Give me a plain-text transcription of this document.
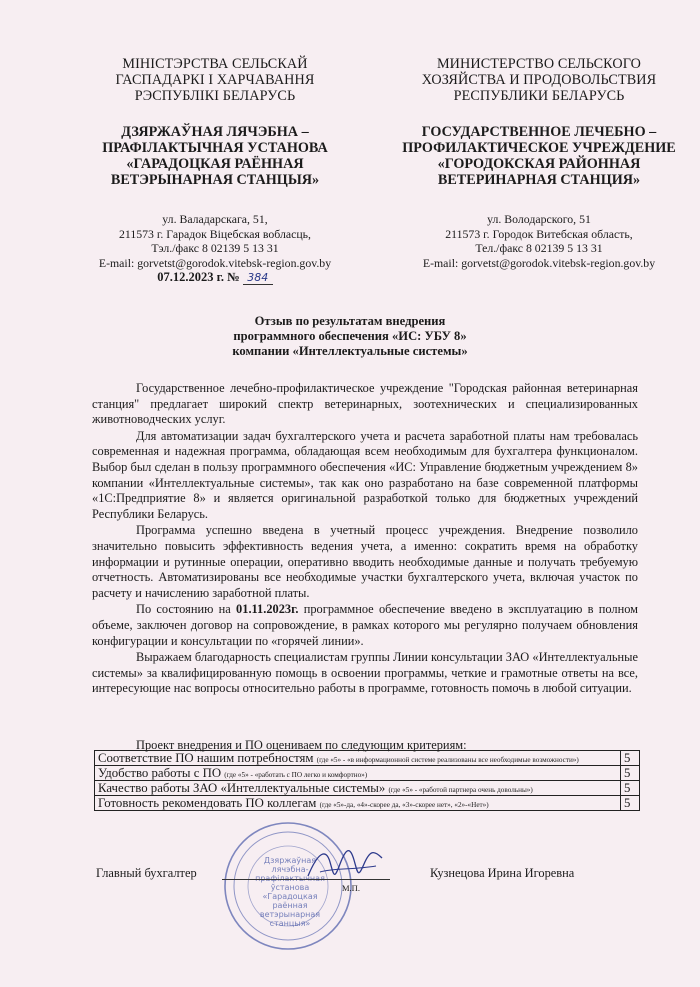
МІНІСТЭРСТВА СЕЛЬСКАЙ
ГАСПАДАРКІ І ХАРЧАВАННЯ
РЭСПУБЛІКІ БЕЛАРУСЬ
ДЗЯРЖАЎНАЯ ЛЯЧЭБНА –
ПРАФІЛАКТЫЧНАЯ УСТАНОВА
«ГАРАДОЦКАЯ РАЁННАЯ
ВЕТЭРЫНАРНАЯ СТАНЦЫЯ»
ул. Валадарскага, 51,
211573 г. Гарадок Віцебская вобласць,
Тэл./факс 8 02139 5 13 31
E-mail: gorvetst@gorodok.vitebsk-region.gov.by
07.12.2023 г. № 384
МИНИСТЕРСТВО СЕЛЬСКОГО
ХОЗЯЙСТВА И ПРОДОВОЛЬСТВИЯ
РЕСПУБЛИКИ БЕЛАРУСЬ
ГОСУДАРСТВЕННОЕ ЛЕЧЕБНО –
ПРОФИЛАКТИЧЕСКОЕ УЧРЕЖДЕНИЕ
«ГОРОДОКСКАЯ РАЙОННАЯ
ВЕТЕРИНАРНАЯ СТАНЦИЯ»
ул. Володарского, 51
211573 г. Городок Витебская область,
Тел./факс 8 02139 5 13 31
E-mail: gorvetst@gorodok.vitebsk-region.gov.by
Отзыв по результатам внедрения
программного обеспечения «ИС: УБУ 8»
компании «Интеллектуальные системы»

Государственное лечебно-профилактическое учреждение "Городская районная ветеринарная станция" предлагает широкий спектр ветеринарных, зоотехнических и специализированных животноводческих услуг.

Для автоматизации задач бухгалтерского учета и расчета заработной платы нам требовалась современная и надежная программа, обладающая всем необходимым для бухгалтера функционалом. Выбор был сделан в пользу программного обеспечения «ИС: Управление бюджетным учреждением 8» компании «Интеллектуальные системы», так как оно разработано на базе современной платформы «1С:Предприятие 8» и является оригинальной разработкой только для бюджетных учреждений Республики Беларусь.

Программа успешно введена в учетный процесс учреждения. Внедрение позволило значительно повысить эффективность ведения учета, а именно: сократить время на обработку информации и рутинные операции, оперативно вводить необходимые данные и получать требуемую отчетность. Автоматизированы все необходимые участки бухгалтерского учета, включая участок по расчету и начислению заработной платы.

По состоянию на 01.11.2023г. программное обеспечение введено в эксплуатацию в полном объеме, заключен договор на сопровождение, в рамках которого мы регулярно получаем обновления конфигурации и консультации по «горячей линии».

Выражаем благодарность специалистам группы Линии консультации ЗАО «Интеллектуальные системы» за квалифицированную помощь в освоении программы, четкие и грамотные ответы на все, интересующие нас вопросы относительно работы в программе, готовность помочь в любой ситуации.

Проект внедрения и ПО оцениваем по следующим критериям:
Соответствие ПО нашим потребностям (где «5» - «в информационной системе реализованы все необходимые возможности»)	5
Удобство работы с ПО (где «5» - «работать с ПО легко и комфортно»)	5
Качество работы ЗАО «Интеллектуальные системы» (где «5» - «работой партнера очень довольны»)	5
Готовность рекомендовать ПО коллегам (где «5»-да, «4»-скорее да, «3»-скорее нет», «2»-«Нет»)	5
Дзяржаўная
лячэбна-
прафілактычная
ўстанова
«Гарадоцкая
раённая
ветэрынарная
станцыя»
Главный бухгалтер
М.П.
Кузнецова Ирина Игоревна
